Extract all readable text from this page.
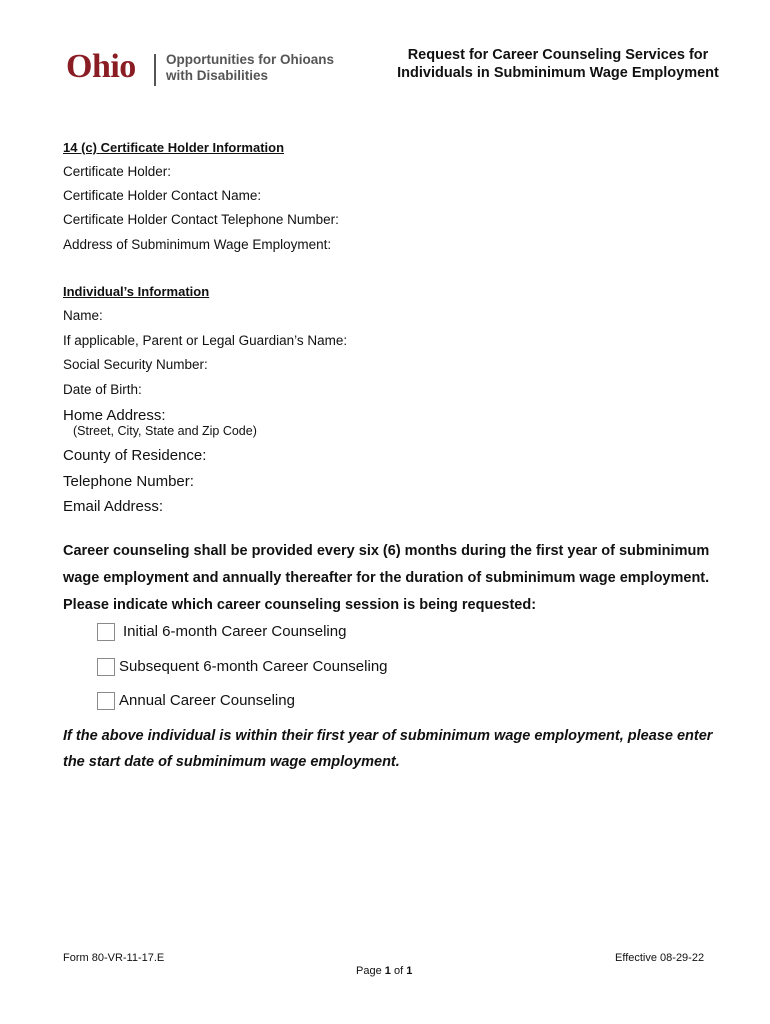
Ohio Opportunities for Ohioans
with Disabilities
Request for Career Counseling Services for
Individuals in Subminimum Wage Employment
14 (c) Certificate Holder Information
Certificate Holder:
Certificate Holder Contact Name:
Certificate Holder Contact Telephone Number:
Address of Subminimum Wage Employment:
Individual’s Information
Name:
If applicable, Parent or Legal Guardian’s Name:
Social Security Number:
Date of Birth:
Home Address:
(Street, City, State and Zip Code)
County of Residence:
Telephone Number:
Email Address:
Career counseling shall be provided every six (6) months during the first year of subminimum
wage employment and annually thereafter for the duration of subminimum wage employment.
Please indicate which career counseling session is being requested:
Initial 6-month Career Counseling
Subsequent 6-month Career Counseling
Annual Career Counseling
If the above individual is within their first year of subminimum wage employment, please enter
the start date of subminimum wage employment.
Form 80-VR-11-17.E	Effective 08-29-22
Page 1 of 1
